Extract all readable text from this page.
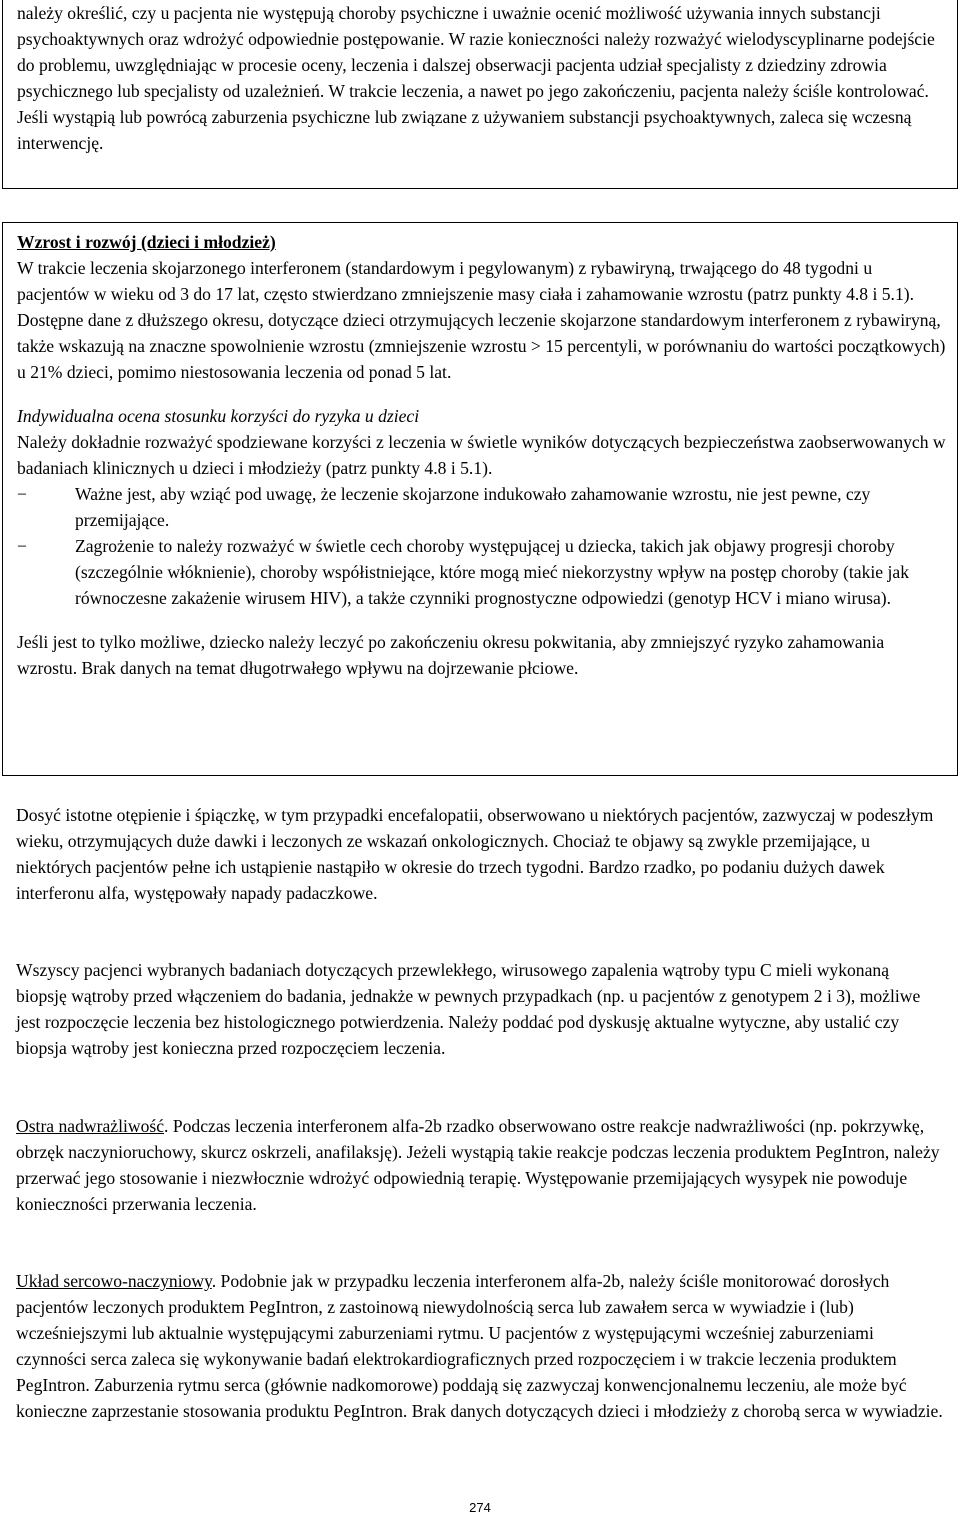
należy określić, czy u pacjenta nie występują choroby psychiczne i uważnie ocenić możliwość używania innych substancji psychoaktywnych oraz wdrożyć odpowiednie postępowanie. W razie konieczności należy rozważyć wielodyscyplinarne podejście do problemu, uwzględniając w procesie oceny, leczenia i dalszej obserwacji pacjenta udział specjalisty z dziedziny zdrowia psychicznego lub specjalisty od uzależnień. W trakcie leczenia, a nawet po jego zakończeniu, pacjenta należy ściśle kontrolować. Jeśli wystąpią lub powrócą zaburzenia psychiczne lub związane z używaniem substancji psychoaktywnych, zaleca się wczesną interwencję.

Wzrost i rozwój (dzieci i młodzież)

W trakcie leczenia skojarzonego interferonem (standardowym i pegylowanym) z rybawiryną, trwającego do 48 tygodni u pacjentów w wieku od 3 do 17 lat, często stwierdzano zmniejszenie masy ciała i zahamowanie wzrostu (patrz punkty 4.8 i 5.1). Dostępne dane z dłuższego okresu, dotyczące dzieci otrzymujących leczenie skojarzone standardowym interferonem z rybawiryną, także wskazują na znaczne spowolnienie wzrostu (zmniejszenie wzrostu > 15 percentyli, w porównaniu do wartości początkowych) u 21% dzieci, pomimo niestosowania leczenia od ponad 5 lat.

Indywidualna ocena stosunku korzyści do ryzyka u dzieci

Należy dokładnie rozważyć spodziewane korzyści z leczenia w świetle wyników dotyczących bezpieczeństwa zaobserwowanych w badaniach klinicznych u dzieci i młodzieży (patrz punkty 4.8 i 5.1).

−	Ważne jest, aby wziąć pod uwagę, że leczenie skojarzone indukowało zahamowanie wzrostu, nie jest pewne, czy przemijające.
−	Zagrożenie to należy rozważyć w świetle cech choroby występującej u dziecka, takich jak objawy progresji choroby (szczególnie włóknienie), choroby współistniejące, które mogą mieć niekorzystny wpływ na postęp choroby (takie jak równoczesne zakażenie wirusem HIV), a także czynniki prognostyczne odpowiedzi (genotyp HCV i miano wirusa).

Jeśli jest to tylko możliwe, dziecko należy leczyć po zakończeniu okresu pokwitania, aby zmniejszyć ryzyko zahamowania wzrostu. Brak danych na temat długotrwałego wpływu na dojrzewanie płciowe.

Dosyć istotne otępienie i śpiączkę, w tym przypadki encefalopatii, obserwowano u niektórych pacjentów, zazwyczaj w podeszłym wieku, otrzymujących duże dawki i leczonych ze wskazań onkologicznych. Chociaż te objawy są zwykle przemijające, u niektórych pacjentów pełne ich ustąpienie nastąpiło w okresie do trzech tygodni. Bardzo rzadko, po podaniu dużych dawek interferonu alfa, występowały napady padaczkowe.

Wszyscy pacjenci wybranych badaniach dotyczących przewlekłego, wirusowego zapalenia wątroby typu C mieli wykonaną biopsję wątroby przed włączeniem do badania, jednakże w pewnych przypadkach (np. u pacjentów z genotypem 2 i 3), możliwe jest rozpoczęcie leczenia bez histologicznego potwierdzenia. Należy poddać pod dyskusję aktualne wytyczne, aby ustalić czy biopsja wątroby jest konieczna przed rozpoczęciem leczenia.

Ostra nadwrażliwość. Podczas leczenia interferonem alfa-2b rzadko obserwowano ostre reakcje nadwrażliwości (np. pokrzywkę, obrzęk naczynioruchowy, skurcz oskrzeli, anafilaksję). Jeżeli wystąpią takie reakcje podczas leczenia produktem PegIntron, należy przerwać jego stosowanie i niezwłocznie wdrożyć odpowiednią terapię. Występowanie przemijających wysypek nie powoduje konieczności przerwania leczenia.

Układ sercowo-naczyniowy. Podobnie jak w przypadku leczenia interferonem alfa-2b, należy ściśle monitorować dorosłych pacjentów leczonych produktem PegIntron, z zastoinową niewydolnością serca lub zawałem serca w wywiadzie i (lub) wcześniejszymi lub aktualnie występującymi zaburzeniami rytmu. U pacjentów z występującymi wcześniej zaburzeniami czynności serca zaleca się wykonywanie badań elektrokardiograficznych przed rozpoczęciem i w trakcie leczenia produktem PegIntron. Zaburzenia rytmu serca (głównie nadkomorowe) poddają się zazwyczaj konwencjonalnemu leczeniu, ale może być konieczne zaprzestanie stosowania produktu PegIntron. Brak danych dotyczących dzieci i młodzieży z chorobą serca w wywiadzie.

274
